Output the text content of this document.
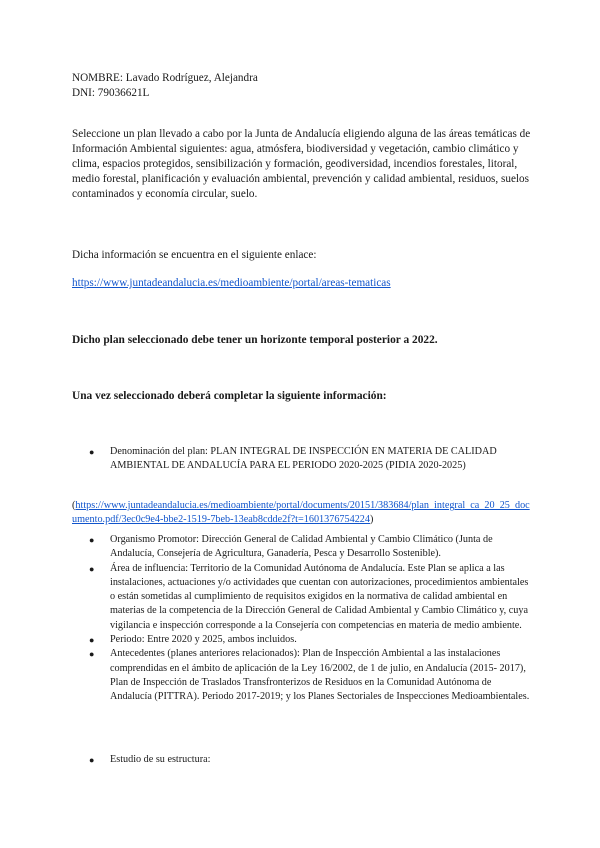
NOMBRE: Lavado Rodríguez, Alejandra

DNI: 79036621L

Seleccione un plan llevado a cabo por la Junta de Andalucía eligiendo alguna de las áreas temáticas de Información Ambiental siguientes: agua, atmósfera, biodiversidad y vegetación, cambio climático y clima, espacios protegidos, sensibilización y formación, geodiversidad, incendios forestales, litoral, medio forestal, planificación y evaluación ambiental, prevención y calidad ambiental, residuos, suelos contaminados y economía circular, suelo.

Dicha información se encuentra en el siguiente enlace:

https://www.juntadeandalucia.es/medioambiente/portal/areas-tematicas

Dicho plan seleccionado debe tener un horizonte temporal posterior a 2022.

Una vez seleccionado deberá completar la siguiente información:

● Denominación del plan: PLAN INTEGRAL DE INSPECCIÓN EN MATERIA DE CALIDAD AMBIENTAL DE ANDALUCÍA PARA EL PERIODO 2020-2025 (PIDIA 2020-2025)

(https://www.juntadeandalucia.es/medioambiente/portal/documents/20151/383684/plan_integral_ca_20_25_documento.pdf/3ec0c9e4-bbe2-1519-7beb-13eab8cdde2f?t=1601376754224)

● Organismo Promotor: Dirección General de Calidad Ambiental y Cambio Climático (Junta de Andalucía, Consejería de Agricultura, Ganadería, Pesca y Desarrollo Sostenible).
● Área de influencia: Territorio de la Comunidad Autónoma de Andalucía. Este Plan se aplica a las instalaciones, actuaciones y/o actividades que cuentan con autorizaciones, procedimientos ambientales o están sometidas al cumplimiento de requisitos exigidos en la normativa de calidad ambiental en materias de la competencia de la Dirección General de Calidad Ambiental y Cambio Climático y, cuya vigilancia e inspección corresponde a la Consejería con competencias en materia de medio ambiente.
● Periodo: Entre 2020 y 2025, ambos incluidos.
● Antecedentes (planes anteriores relacionados): Plan de Inspección Ambiental a las instalaciones comprendidas en el ámbito de aplicación de la Ley 16/2002, de 1 de julio, en Andalucía (2015- 2017), Plan de Inspección de Traslados Transfronterizos de Residuos en la Comunidad Autónoma de Andalucía (PITTRA). Periodo 2017-2019; y los Planes Sectoriales de Inspecciones Medioambientales.
● Estudio de su estructura:
